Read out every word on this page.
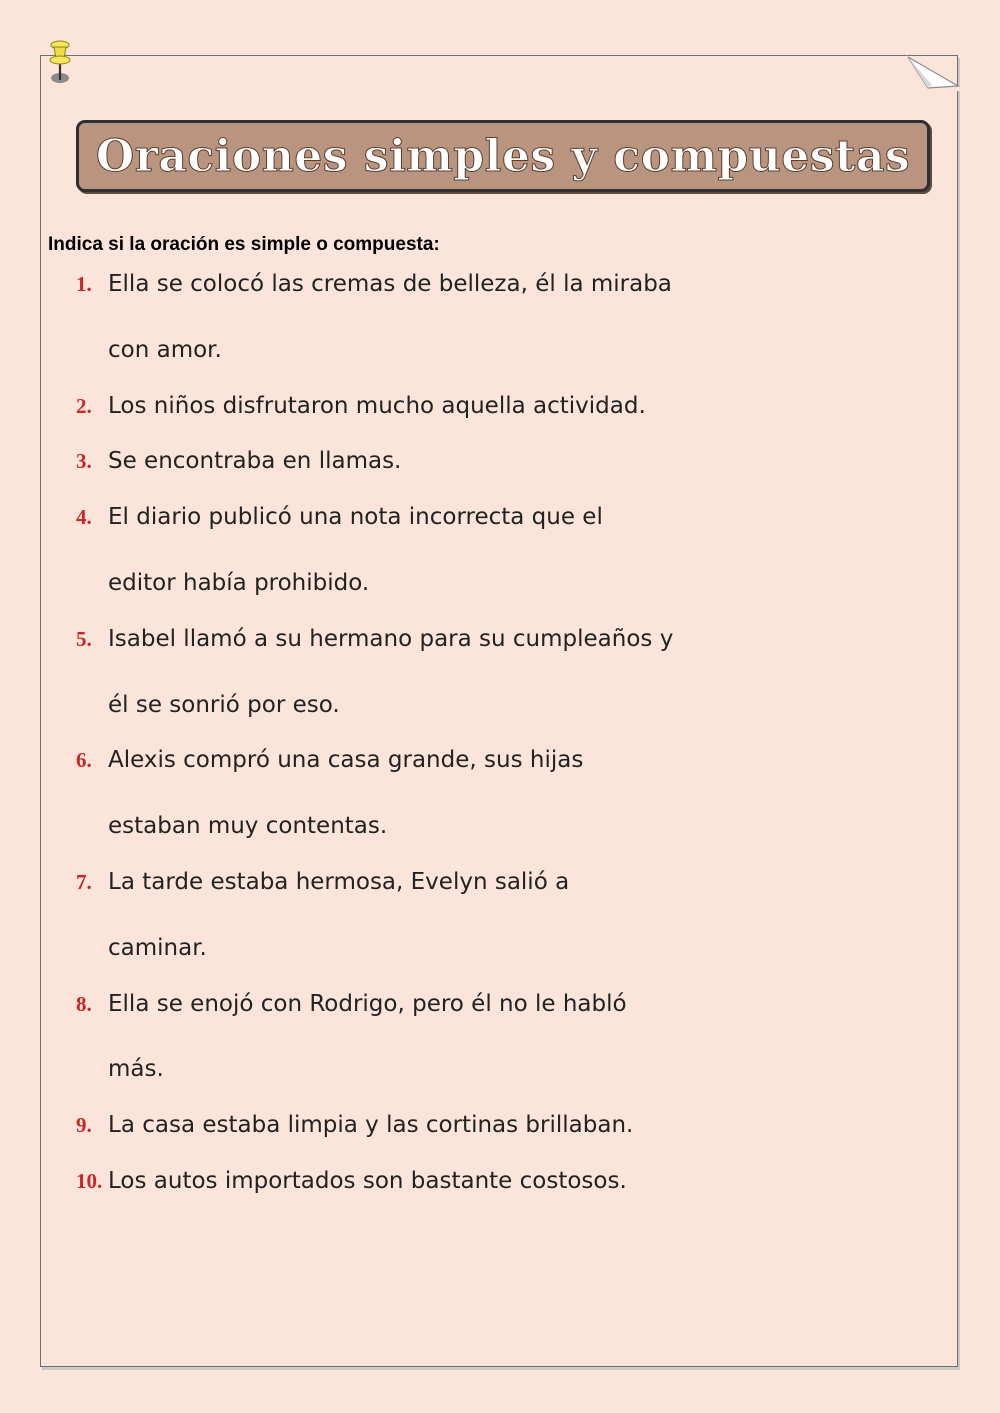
Oraciones simples y compuestas
Indica si la oración es simple o compuesta:
1. Ella se colocó las cremas de belleza, él la miraba
con amor.
2. Los niños disfrutaron mucho aquella actividad.
3. Se encontraba en llamas.
4. El diario publicó una nota incorrecta que el
editor había prohibido.
5. Isabel llamó a su hermano para su cumpleaños y
él se sonrió por eso.
6. Alexis compró una casa grande, sus hijas
estaban muy contentas.
7. La tarde estaba hermosa, Evelyn salió a
caminar.
8. Ella se enojó con Rodrigo, pero él no le habló
más.
9. La casa estaba limpia y las cortinas brillaban.
10. Los autos importados son bastante costosos.
